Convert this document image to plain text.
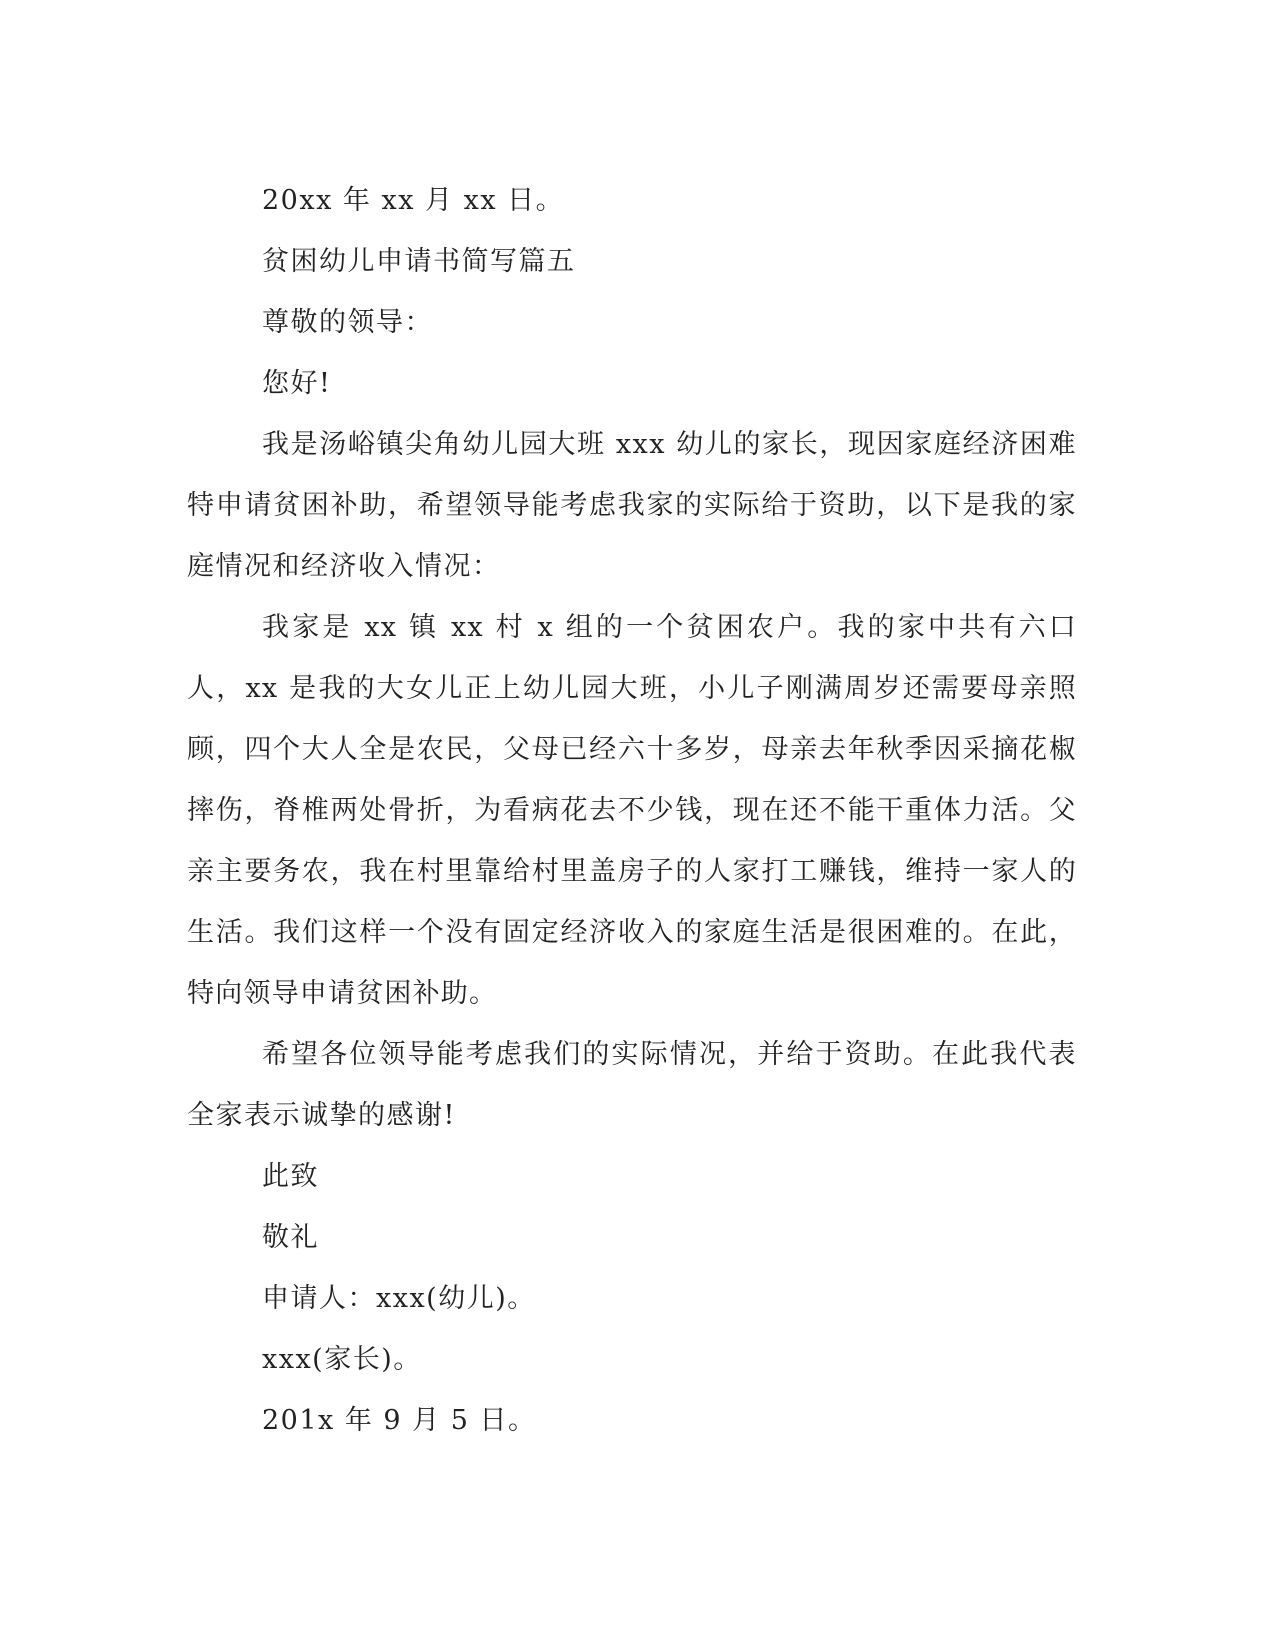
20xx 年 xx 月 xx 日。

贫困幼儿申请书简写篇五

尊敬的领导：

您好!

我是汤峪镇尖角幼儿园大班 xxx 幼儿的家长，现因家庭经济困难特申请贫困补助，希望领导能考虑我家的实际给于资助，以下是我的家庭情况和经济收入情况：

我家是 xx 镇 xx 村 x 组的一个贫困农户。我的家中共有六口人，xx 是我的大女儿正上幼儿园大班，小儿子刚满周岁还需要母亲照顾，四个大人全是农民，父母已经六十多岁，母亲去年秋季因采摘花椒摔伤，脊椎两处骨折，为看病花去不少钱，现在还不能干重体力活。父亲主要务农，我在村里靠给村里盖房子的人家打工赚钱，维持一家人的生活。我们这样一个没有固定经济收入的家庭生活是很困难的。在此，特向领导申请贫困补助。

希望各位领导能考虑我们的实际情况，并给于资助。在此我代表全家表示诚挚的感谢!

此致

敬礼

申请人：xxx(幼儿)。

xxx(家长)。

201x 年 9 月 5 日。
